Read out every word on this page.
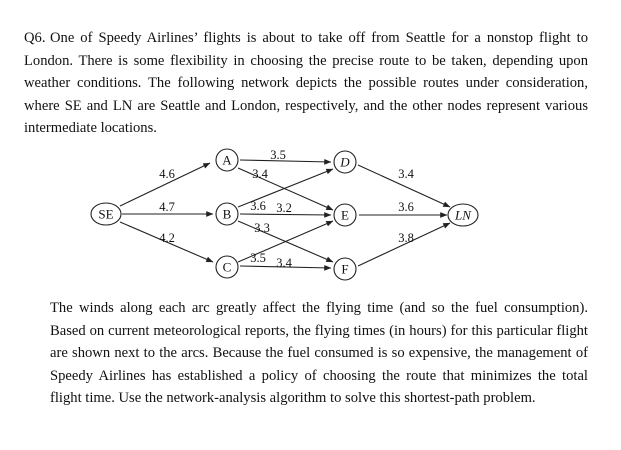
Q6. One of Speedy Airlines’ flights is about to take off from Seattle for a nonstop flight to London. There is some flexibility in choosing the precise route to be taken, depending upon weather conditions. The following network depicts the possible routes under consideration, where SE and LN are Seattle and London, respectively, and the other nodes represent various intermediate locations.

4.6
4.7
4.2
3.5
3.4
3.6 3.2
3.3
3.5 3.4
3.4
3.6
3.8
SE
A
B
C
D
E
F
LN

The winds along each arc greatly affect the flying time (and so the fuel consumption). Based on current meteorological reports, the flying times (in hours) for this particular flight are shown next to the arcs. Because the fuel consumed is so expensive, the management of Speedy Airlines has established a policy of choosing the route that minimizes the total flight time. Use the network-analysis algorithm to solve this shortest-path problem.
